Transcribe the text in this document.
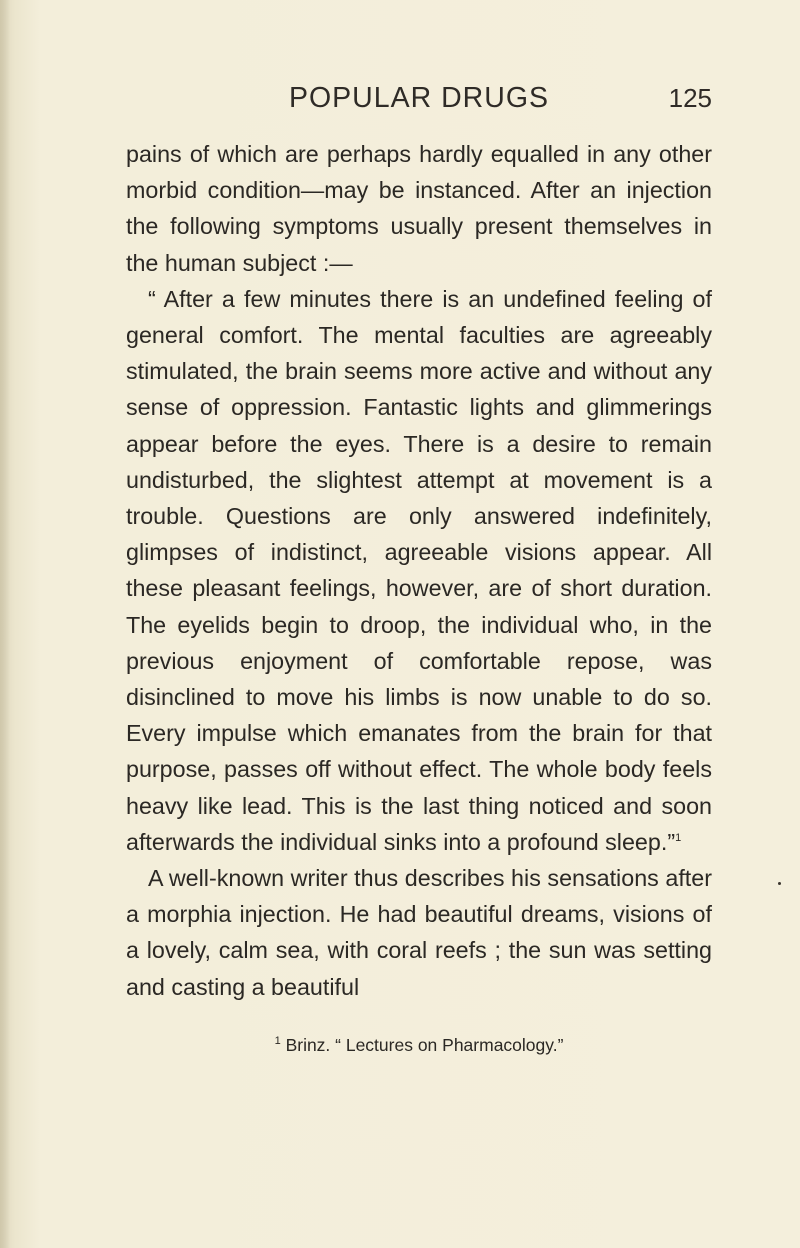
POPULAR DRUGS	125

pains of which are perhaps hardly equalled in any other morbid condition—may be instanced. After an injection the following symptoms usually present themselves in the human subject :—

“ After a few minutes there is an undefined feeling of general comfort. The mental faculties are agreeably stimulated, the brain seems more active and without any sense of oppression. Fantastic lights and glimmerings appear before the eyes. There is a desire to remain undisturbed, the slightest attempt at movement is a trouble. Questions are only answered indefinitely, glimpses of indistinct, agreeable visions appear. All these pleasant feelings, however, are of short duration. The eyelids begin to droop, the individual who, in the previous enjoyment of comfortable repose, was disinclined to move his limbs is now unable to do so. Every impulse which emanates from the brain for that purpose, passes off without effect. The whole body feels heavy like lead. This is the last thing noticed and soon afterwards the individual sinks into a profound sleep.”$^1$

A well-known writer thus describes his sensations after a morphia injection. He had beautiful dreams, visions of a lovely, calm sea, with coral reefs ; the sun was setting and casting a beautiful

$^1$ Brinz. “ Lectures on Pharmacology.”
